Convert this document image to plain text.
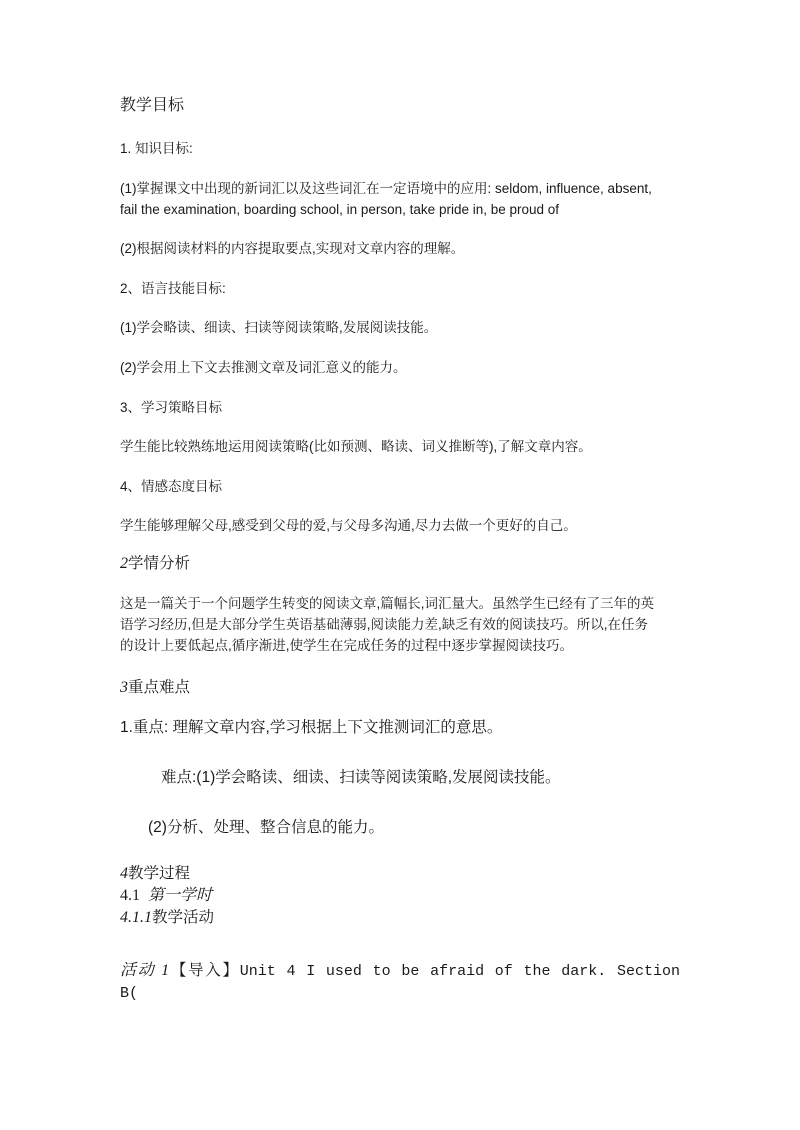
教学目标
1. 知识目标:
(1)掌握课文中出现的新词汇以及这些词汇在一定语境中的应用: seldom, influence, absent,
fail the examination, boarding school, in person, take pride in, be proud of
(2)根据阅读材料的内容提取要点,实现对文章内容的理解。
2、语言技能目标:
(1)学会略读、细读、扫读等阅读策略,发展阅读技能。
(2)学会用上下文去推测文章及词汇意义的能力。
3、学习策略目标
学生能比较熟练地运用阅读策略(比如预测、略读、词义推断等),了解文章内容。
4、情感态度目标
学生能够理解父母,感受到父母的爱,与父母多沟通,尽力去做一个更好的自己。
2学情分析
这是一篇关于一个问题学生转变的阅读文章,篇幅长,词汇量大。虽然学生已经有了三年的英
语学习经历,但是大部分学生英语基础薄弱,阅读能力差,缺乏有效的阅读技巧。所以,在任务
的设计上要低起点,循序渐进,使学生在完成任务的过程中逐步掌握阅读技巧。
3重点难点
1.重点: 理解文章内容,学习根据上下文推测词汇的意思。
难点:(1)学会略读、细读、扫读等阅读策略,发展阅读技能。
(2)分析、处理、整合信息的能力。
4教学过程
4.1 第一学时
4.1.1教学活动
活动 1【导入】Unit 4 I used to be afraid of the dark. Section
B(
